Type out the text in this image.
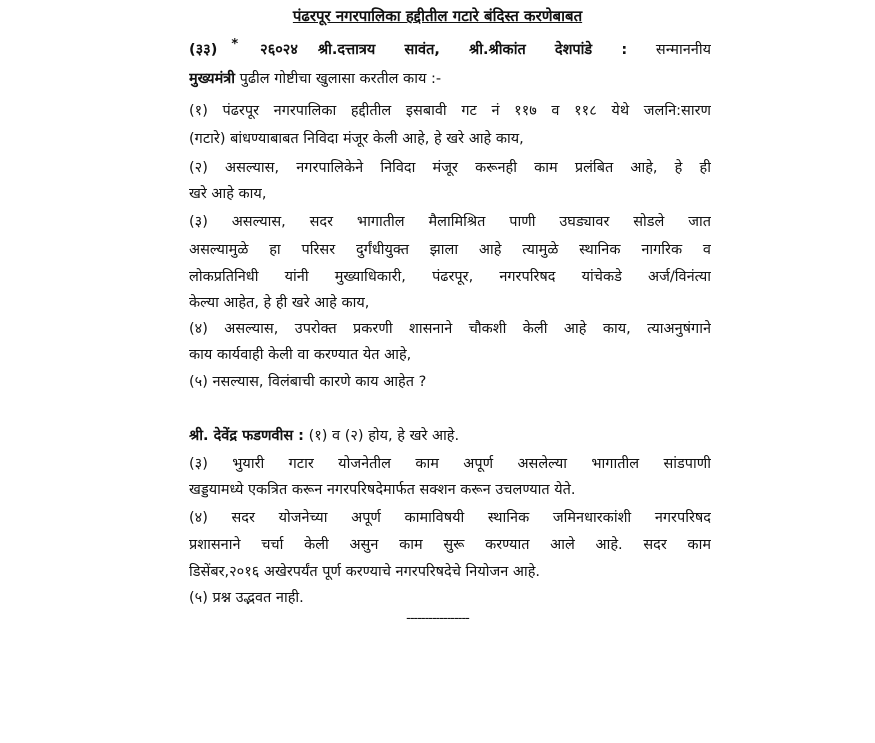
पंढरपूर नगरपालिका हद्दीतील गटारे बंदिस्त करणेबाबत
(३३) * २६०२४ श्री.दत्तात्रय सावंत, श्री.श्रीकांत देशपांडे : सन्माननीय
मुख्यमंत्री पुढील गोष्टीचा खुलासा करतील काय :-
(१) पंढरपूर नगरपालिका हद्दीतील इसबावी गट नं ११७ व ११८ येथे जलनि:सारण
(गटारे) बांधण्याबाबत निविदा मंजूर केली आहे, हे खरे आहे काय,
(२) असल्यास, नगरपालिकेने निविदा मंजूर करूनही काम प्रलंबित आहे, हे ही
खरे आहे काय,
(३) असल्यास, सदर भागातील मैलामिश्रित पाणी उघड्यावर सोडले जात
असल्यामुळे हा परिसर दुर्गंधीयुक्त झाला आहे त्यामुळे स्थानिक नागरिक व
लोकप्रतिनिधी यांनी मुख्याधिकारी, पंढरपूर, नगरपरिषद यांचेकडे अर्ज/विनंत्या
केल्या आहेत, हे ही खरे आहे काय,
(४) असल्यास, उपरोक्त प्रकरणी शासनाने चौकशी केली आहे काय, त्याअनुषंगाने
काय कार्यवाही केली वा करण्यात येत आहे,
(५) नसल्यास, विलंबाची कारणे काय आहेत ?
श्री. देवेंद्र फडणवीस : (१) व (२) होय, हे खरे आहे.
(३) भुयारी गटार योजनेतील काम अपूर्ण असलेल्या भागातील सांडपाणी
खड्डयामध्ये एकत्रित करून नगरपरिषदेमार्फत सक्शन करून उचलण्यात येते.
(४) सदर योजनेच्या अपूर्ण कामाविषयी स्थानिक जमिनधारकांशी नगरपरिषद
प्रशासनाने चर्चा केली असुन काम सुरू करण्यात आले आहे. सदर काम
डिसेंबर,२०१६ अखेरपर्यंत पूर्ण करण्याचे नगरपरिषदेचे नियोजन आहे.
(५) प्रश्न उद्भवत नाही.
-----------------
